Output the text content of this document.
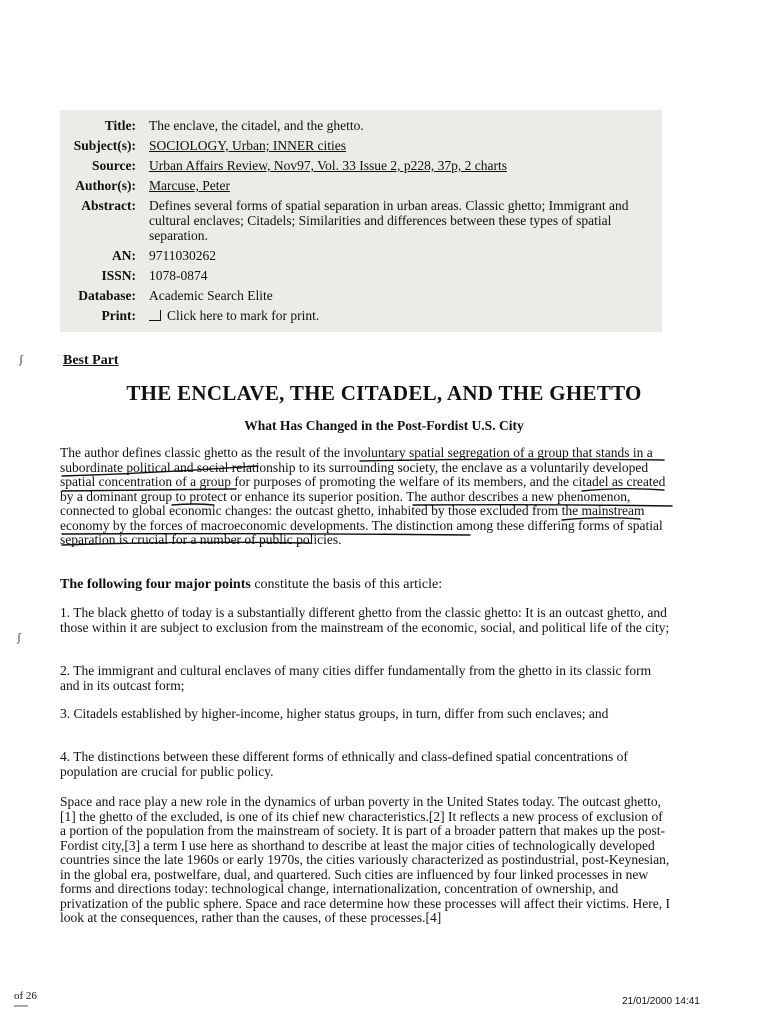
Title: The enclave, the citadel, and the ghetto.
Subject(s): SOCIOLOGY, Urban; INNER cities
Source: Urban Affairs Review, Nov97, Vol. 33 Issue 2, p228, 37p, 2 charts
Author(s): Marcuse, Peter
Abstract: Defines several forms of spatial separation in urban areas. Classic ghetto; Immigrant and cultural enclaves; Citadels; Similarities and differences between these types of spatial separation.
AN: 9711030262
ISSN: 1078-0874
Database: Academic Search Elite
Print:	Click here to mark for print.
ʃ
ʃ
Best Part
THE ENCLAVE, THE CITADEL, AND THE GHETTO
What Has Changed in the Post-Fordist U.S. City
The author defines classic ghetto as the result of the involuntary spatial segregation of a group that stands in a subordinate political and social relationship to its surrounding society, the enclave as a voluntarily developed spatial concentration of a group for purposes of promoting the welfare of its members, and the citadel as created by a dominant group to protect or enhance its superior position. The author describes a new phenomenon, connected to global economic changes: the outcast ghetto, inhabited by those excluded from the mainstream economy by the forces of macroeconomic developments. The distinction among these differing forms of spatial separation is crucial for a number of public policies.
The following four major points constitute the basis of this article:
1. The black ghetto of today is a substantially different ghetto from the classic ghetto: It is an outcast ghetto, and those within it are subject to exclusion from the mainstream of the economic, social, and political life of the city;
2. The immigrant and cultural enclaves of many cities differ fundamentally from the ghetto in its classic form and in its outcast form;
3. Citadels established by higher-income, higher status groups, in turn, differ from such enclaves; and
4. The distinctions between these different forms of ethnically and class-defined spatial concentrations of population are crucial for public policy.
Space and race play a new role in the dynamics of urban poverty in the United States today. The outcast ghetto,[1] the ghetto of the excluded, is one of its chief new characteristics.[2] It reflects a new process of exclusion of a portion of the population from the mainstream of society. It is part of a broader pattern that makes up the post-Fordist city,[3] a term I use here as shorthand to describe at least the major cities of technologically developed countries since the late 1960s or early 1970s, the cities variously characterized as postindustrial, post-Keynesian, in the global era, postwelfare, dual, and quartered. Such cities are influenced by four linked processes in new forms and directions today: technological change, internationalization, concentration of ownership, and privatization of the public sphere. Space and race determine how these processes will affect their victims. Here, I look at the consequences, rather than the causes, of these processes.[4]
of 26
▔▔▔
21/01/2000 14:41
